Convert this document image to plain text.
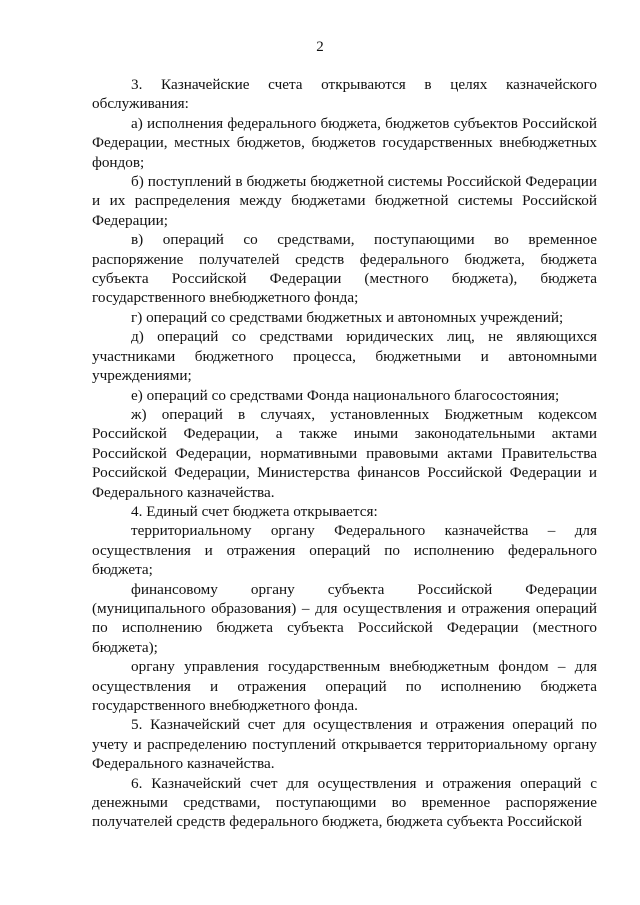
2

3. Казначейские счета открываются в целях казначейского обслуживания:

а) исполнения федерального бюджета, бюджетов субъектов Российской Федерации, местных бюджетов, бюджетов государственных внебюджетных фондов;

б) поступлений в бюджеты бюджетной системы Российской Федерации и их распределения между бюджетами бюджетной системы Российской Федерации;

в) операций со средствами, поступающими во временное распоряжение получателей средств федерального бюджета, бюджета субъекта Российской Федерации (местного бюджета), бюджета государственного внебюджетного фонда;

г) операций со средствами бюджетных и автономных учреждений;

д) операций со средствами юридических лиц, не являющихся участниками бюджетного процесса, бюджетными и автономными учреждениями;

е) операций со средствами Фонда национального благосостояния;

ж) операций в случаях, установленных Бюджетным кодексом Российской Федерации, а также иными законодательными актами Российской Федерации, нормативными правовыми актами Правительства Российской Федерации, Министерства финансов Российской Федерации и Федерального казначейства.

4. Единый счет бюджета открывается:

территориальному органу Федерального казначейства – для осуществления и отражения операций по исполнению федерального бюджета;

финансовому органу субъекта Российской Федерации (муниципального образования) – для осуществления и отражения операций по исполнению бюджета субъекта Российской Федерации (местного бюджета);

органу управления государственным внебюджетным фондом – для осуществления и отражения операций по исполнению бюджета государственного внебюджетного фонда.

5. Казначейский счет для осуществления и отражения операций по учету и распределению поступлений открывается территориальному органу Федерального казначейства.

6. Казначейский счет для осуществления и отражения операций с денежными средствами, поступающими во временное распоряжение получателей средств федерального бюджета, бюджета субъекта Российской
